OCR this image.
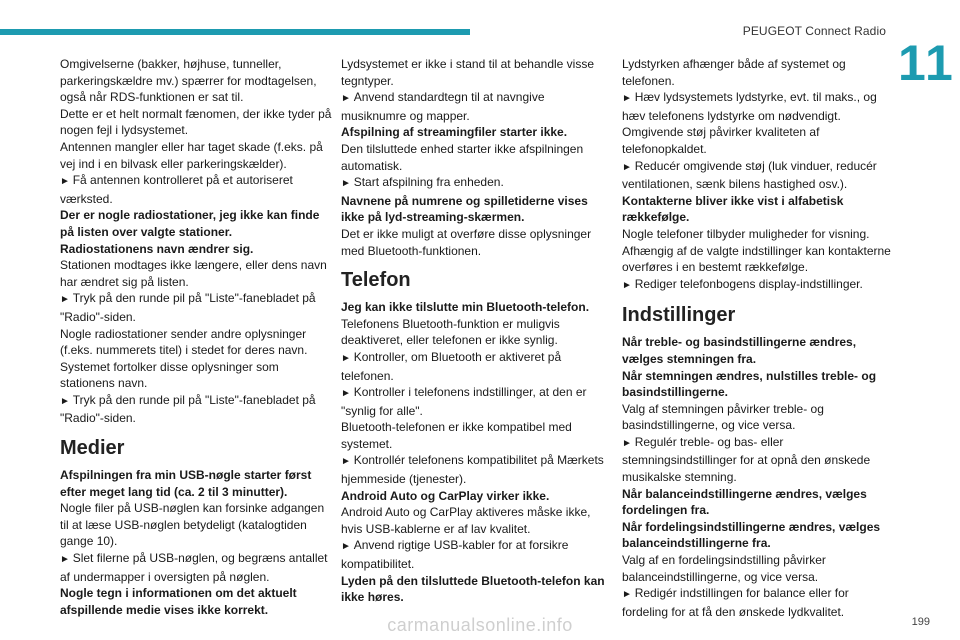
PEUGEOT Connect Radio
11

Omgivelserne (bakker, højhuse, tunneller, parkeringskældre mv.) spærrer for modtagelsen, også når RDS-funktionen er sat til.

Dette er et helt normalt fænomen, der ikke tyder på nogen fejl i lydsystemet.

Antennen mangler eller har taget skade (f.eks. på vej ind i en bilvask eller parkeringskælder).

► Få antennen kontrolleret på et autoriseret værksted.

Der er nogle radiostationer, jeg ikke kan finde på listen over valgte stationer.

Radiostationens navn ændrer sig.

Stationen modtages ikke længere, eller dens navn har ændret sig på listen.

► Tryk på den runde pil på "Liste"-fanebladet på "Radio"-siden.

Nogle radiostationer sender andre oplysninger (f.eks. nummerets titel) i stedet for deres navn.

Systemet fortolker disse oplysninger som stationens navn.

► Tryk på den runde pil på "Liste"-fanebladet på "Radio"-siden.

Medier

Afspilningen fra min USB-nøgle starter først efter meget lang tid (ca. 2 til 3 minutter).

Nogle filer på USB-nøglen kan forsinke adgangen til at læse USB-nøglen betydeligt (katalogtiden gange 10).

► Slet filerne på USB-nøglen, og begræns antallet af undermapper i oversigten på nøglen.

Nogle tegn i informationen om det aktuelt afspillende medie vises ikke korrekt.

Lydsystemet er ikke i stand til at behandle visse tegntyper.

► Anvend standardtegn til at navngive musiknumre og mapper.

Afspilning af streamingfiler starter ikke.

Den tilsluttede enhed starter ikke afspilningen automatisk.

► Start afspilning fra enheden.

Navnene på numrene og spilletiderne vises ikke på lyd-streaming-skærmen.

Det er ikke muligt at overføre disse oplysninger med Bluetooth-funktionen.

Telefon

Jeg kan ikke tilslutte min Bluetooth-telefon.

Telefonens Bluetooth-funktion er muligvis deaktiveret, eller telefonen er ikke synlig.

► Kontroller, om Bluetooth er aktiveret på telefonen.

► Kontroller i telefonens indstillinger, at den er "synlig for alle".

Bluetooth-telefonen er ikke kompatibel med systemet.

► Kontrollér telefonens kompatibilitet på Mærkets hjemmeside (tjenester).

Android Auto og CarPlay virker ikke.

Android Auto og CarPlay aktiveres måske ikke, hvis USB-kablerne er af lav kvalitet.

► Anvend rigtige USB-kabler for at forsikre kompatibilitet.

Lyden på den tilsluttede Bluetooth-telefon kan ikke høres.

Lydstyrken afhænger både af systemet og telefonen.

► Hæv lydsystemets lydstyrke, evt. til maks., og hæv telefonens lydstyrke om nødvendigt.

Omgivende støj påvirker kvaliteten af telefonopkaldet.

► Reducér omgivende støj (luk vinduer, reducér ventilationen, sænk bilens hastighed osv.).

Kontakterne bliver ikke vist i alfabetisk rækkefølge.

Nogle telefoner tilbyder muligheder for visning. Afhængig af de valgte indstillinger kan kontakterne overføres i en bestemt rækkefølge.

► Rediger telefonbogens display-indstillinger.

Indstillinger

Når treble- og basindstillingerne ændres, vælges stemningen fra.

Når stemningen ændres, nulstilles treble- og basindstillingerne.

Valg af stemningen påvirker treble- og basindstillingerne, og vice versa.

► Regulér treble- og bas- eller stemningsindstillinger for at opnå den ønskede musikalske stemning.

Når balanceindstillingerne ændres, vælges fordelingen fra.

Når fordelingsindstillingerne ændres, vælges balanceindstillingerne fra.

Valg af en fordelingsindstilling påvirker balanceindstillingerne, og vice versa.

► Redigér indstillingen for balance eller for fordeling for at få den ønskede lydkvalitet.

carmanualsonline.info	199
